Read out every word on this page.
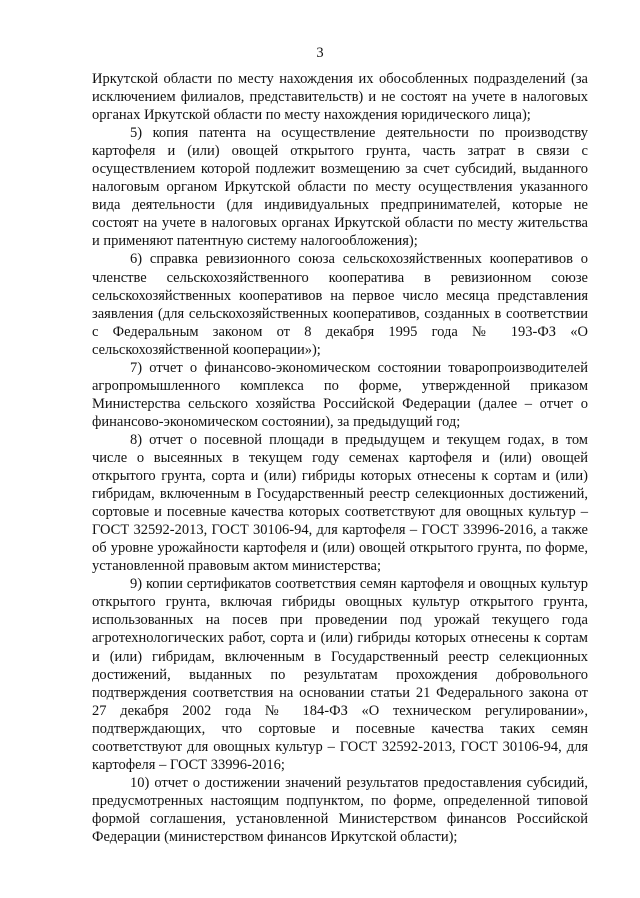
3

Иркутской области по месту нахождения их обособленных подразделений (за исключением филиалов, представительств) и не состоят на учете в налоговых органах Иркутской области по месту нахождения юридического лица);

5) копия патента на осуществление деятельности по производству картофеля и (или) овощей открытого грунта, часть затрат в связи с осуществлением которой подлежит возмещению за счет субсидий, выданного налоговым органом Иркутской области по месту осуществления указанного вида деятельности (для индивидуальных предпринимателей, которые не состоят на учете в налоговых органах Иркутской области по месту жительства и применяют патентную систему налогообложения);

6) справка ревизионного союза сельскохозяйственных кооперативов о членстве сельскохозяйственного кооператива в ревизионном союзе сельскохозяйственных кооперативов на первое число месяца представления заявления (для сельскохозяйственных кооперативов, созданных в соответствии с Федеральным законом от 8 декабря 1995 года № 193-ФЗ «О сельскохозяйственной кооперации»);

7) отчет о финансово-экономическом состоянии товаропроизводителей агропромышленного комплекса по форме, утвержденной приказом Министерства сельского хозяйства Российской Федерации (далее – отчет о финансово-экономическом состоянии), за предыдущий год;

8) отчет о посевной площади в предыдущем и текущем годах, в том числе о высеянных в текущем году семенах картофеля и (или) овощей открытого грунта, сорта и (или) гибриды которых отнесены к сортам и (или) гибридам, включенным в Государственный реестр селекционных достижений, сортовые и посевные качества которых соответствуют для овощных культур – ГОСТ 32592-2013, ГОСТ 30106-94, для картофеля – ГОСТ 33996-2016, а также об уровне урожайности картофеля и (или) овощей открытого грунта, по форме, установленной правовым актом министерства;

9) копии сертификатов соответствия семян картофеля и овощных культур открытого грунта, включая гибриды овощных культур открытого грунта, использованных на посев при проведении под урожай текущего года агротехнологических работ, сорта и (или) гибриды которых отнесены к сортам и (или) гибридам, включенным в Государственный реестр селекционных достижений, выданных по результатам прохождения добровольного подтверждения соответствия на основании статьи 21 Федерального закона от 27 декабря 2002 года № 184-ФЗ «О техническом регулировании», подтверждающих, что сортовые и посевные качества таких семян соответствуют для овощных культур – ГОСТ 32592-2013, ГОСТ 30106-94, для картофеля – ГОСТ 33996-2016;

10) отчет о достижении значений результатов предоставления субсидий, предусмотренных настоящим подпунктом, по форме, определенной типовой формой соглашения, установленной Министерством финансов Российской Федерации (министерством финансов Иркутской области);
